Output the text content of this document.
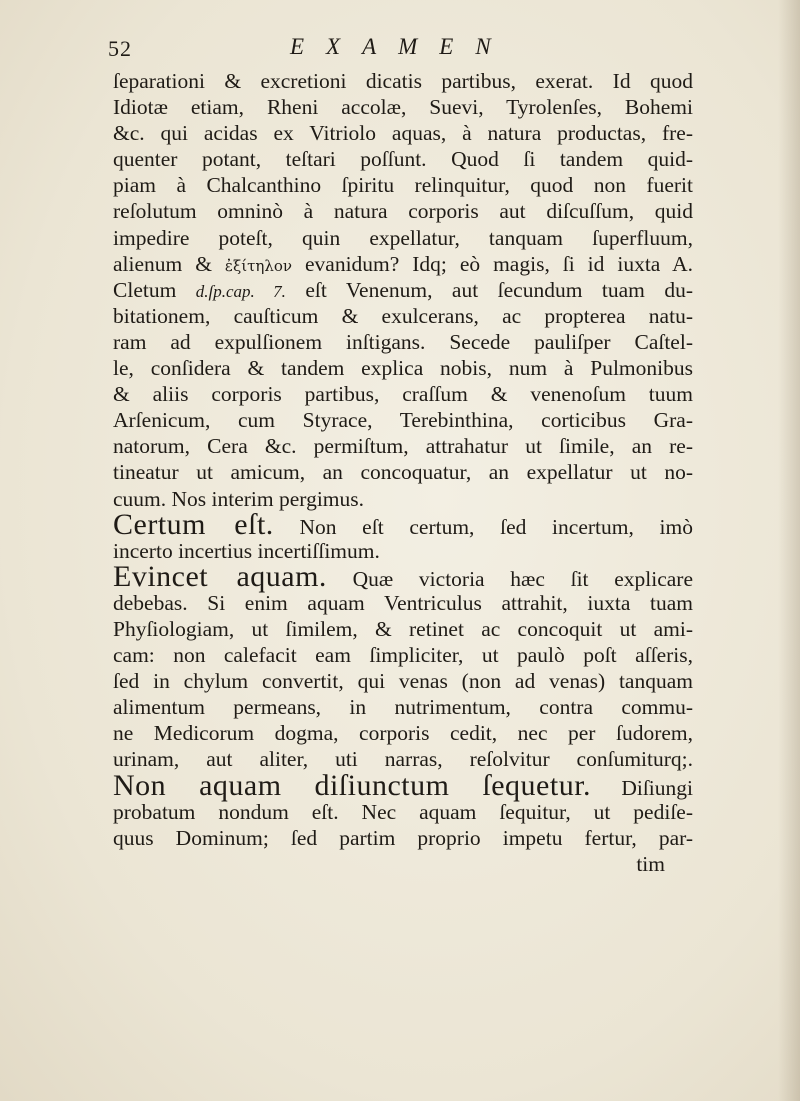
52	EXAMEN
ſeparationi & excretioni dicatis partibus, exerat. Id quod
Idiotæ etiam, Rheni accolæ, Suevi, Tyrolenſes, Bohemi
&c. qui acidas ex Vitriolo aquas, à natura productas, fre-
quenter potant, teſtari poſſunt. Quod ſi tandem quid-
piam à Chalcanthino ſpiritu relinquitur, quod non fuerit
reſolutum omninò à natura corporis aut diſcuſſum, quid
impedire poteſt, quin expellatur, tanquam ſuperfluum,
alienum & ἐξίτηλον evanidum? Idq; eò magis, ſi id iuxta A.
Cletum d.ſp.cap. 7. eſt Venenum, aut ſecundum tuam du-
bitationem, cauſticum & exulcerans, ac propterea natu-
ram ad expulſionem inſtigans. Secede pauliſper Caſtel-
le, conſidera & tandem explica nobis, num à Pulmonibus
& aliis corporis partibus, craſſum & venenoſum tuum
Arſenicum, cum Styrace, Terebinthina, corticibus Gra-
natorum, Cera &c. permiſtum, attrahatur ut ſimile, an re-
tineatur ut amicum, an concoquatur, an expellatur ut no-
cuum. Nos interim pergimus.
Certum eſt. Non eſt certum, ſed incertum, imò
incerto incertius incertiſſimum.
Evincet aquam. Quæ victoria hæc ſit explicare
debebas. Si enim aquam Ventriculus attrahit, iuxta tuam
Phyſiologiam, ut ſimilem, & retinet ac concoquit ut ami-
cam: non calefacit eam ſimpliciter, ut paulò poſt aſſeris,
ſed in chylum convertit, qui venas (non ad venas) tanquam
alimentum permeans, in nutrimentum, contra commu-
ne Medicorum dogma, corporis cedit, nec per ſudorem,
urinam, aut aliter, uti narras, reſolvitur conſumiturq;.
Non aquam diſiunctum ſequetur. Diſiungi
probatum nondum eſt. Nec aquam ſequitur, ut pediſe-
quus Dominum; ſed partim proprio impetu fertur, par-
tim
